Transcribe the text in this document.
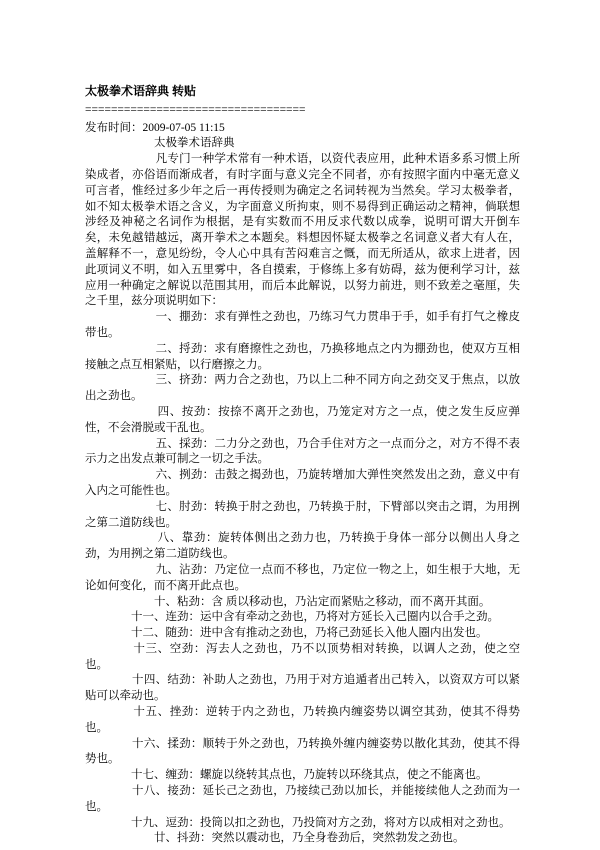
太极拳术语辞典 转贴

==================================

发布时间：2009-07-05 11:15

　　　　　　太极拳术语辞典

　　　　　　凡专门一种学术常有一种术语，以资代表应用，此种术语多系习惯上所染成者，亦俗语而渐成者，有时字面与意义完全不同者，亦有按照字面内中毫无意义可言者，惟经过多少年之后一再传授则为确定之名词转视为当然矣。学习太极拳者，如不知太极拳术语之含义，为字面意义所拘束，则不易得到正确运动之精神，倘联想涉经及神秘之名词作为根据，是有实数而不用反求代数以成拳，说明可谓大开倒车矣，未免越错越远，离开拳术之本题矣。料想因怀疑太极拳之名词意义者大有人在，盖解释不一，意见纷纷，令人心中具有苦闷难言之慨，而无所适从，欲求上进者，因此项词义不明，如入五里雾中，各自摸索，于修练上多有妨碍，兹为便利学习计，兹应用一种确定之解说以范围其用，而后本此解说，以努力前进，则不致差之毫厘，失之千里，兹分项说明如下：

　　　　　　一、掤劲：求有弹性之劲也，乃练习气力贯串于手，如手有打气之橡皮带也。

　　　　　　二、捋劲：求有磨擦性之劲也，乃换移地点之内为掤劲也，使双方互相接触之点互相紧贴，以行磨擦之力。

　　　　　　三、挤劲：两力合之劲也，乃以上二种不同方向之劲交叉于焦点，以放出之劲也。

　　　　　　四、按劲：按捺不离开之劲也，乃笼定对方之一点，使之发生反应弹性，不会滑脱或干乱也。

　　　　　　五、採劲：二力分之劲也，乃合手住对方之一点而分之，对方不得不表示力之出发点兼可制之一切之手法。

　　　　　　六、挒劲：击鼓之揭劲也，乃旋转增加大弹性突然发出之劲，意义中有入内之可能性也。

　　　　　　七、肘劲：转换于肘之劲也，乃转换于肘，下臂部以突击之谓，为用挒之第二道防线也。

　　　　　　八、靠劲：旋转体侧出之劲力也，乃转换于身体一部分以侧出人身之劲，为用挒之第二道防线也。

　　　　　　九、沾劲：乃定位一点而不移也，乃定位一物之上，如生根于大地，无论如何变化，而不离开此点也。

　　　　　　十、粘劲：含 质以移动也，乃沾定而紧贴之移动，而不离开其面。

　　　　十一、连劲：运中含有牵动之劲也，乃将对方延长入己圈内以合手之劲。

　　　　十二、随劲：进中含有推动之劲也，乃将己劲延长入他人圈内出发也。

　　　　十三、空劲：泻去人之劲也，乃不以顶势相对转换，以调人之劲，使之空也。

　　　　十四、结劲：补助人之劲也，乃用于对方追遁者出己转入，以资双方可以紧贴可以牵动也。

　　　　十五、挫劲：逆转于内之劲也，乃转换内缠姿势以调空其劲，使其不得势也。

　　　　十六、揉劲：顺转于外之劲也，乃转换外缠内缠姿势以散化其劲，使其不得势也。

　　　　十七、缠劲：螺旋以绕转其点也，乃旋转以环绕其点，使之不能离也。

　　　　十八、接劲：延长己之劲也，乃接续己劲以加长，并能接续他人之劲而为一也。

　　　　十九、逗劲：投筒以扣之劲也，乃投筒对方之劲，将对方以成相对之劲也。

　　　　　　廿、抖劲：突然以震动也，乃全身卷劲后，突然勃发之劲也。
